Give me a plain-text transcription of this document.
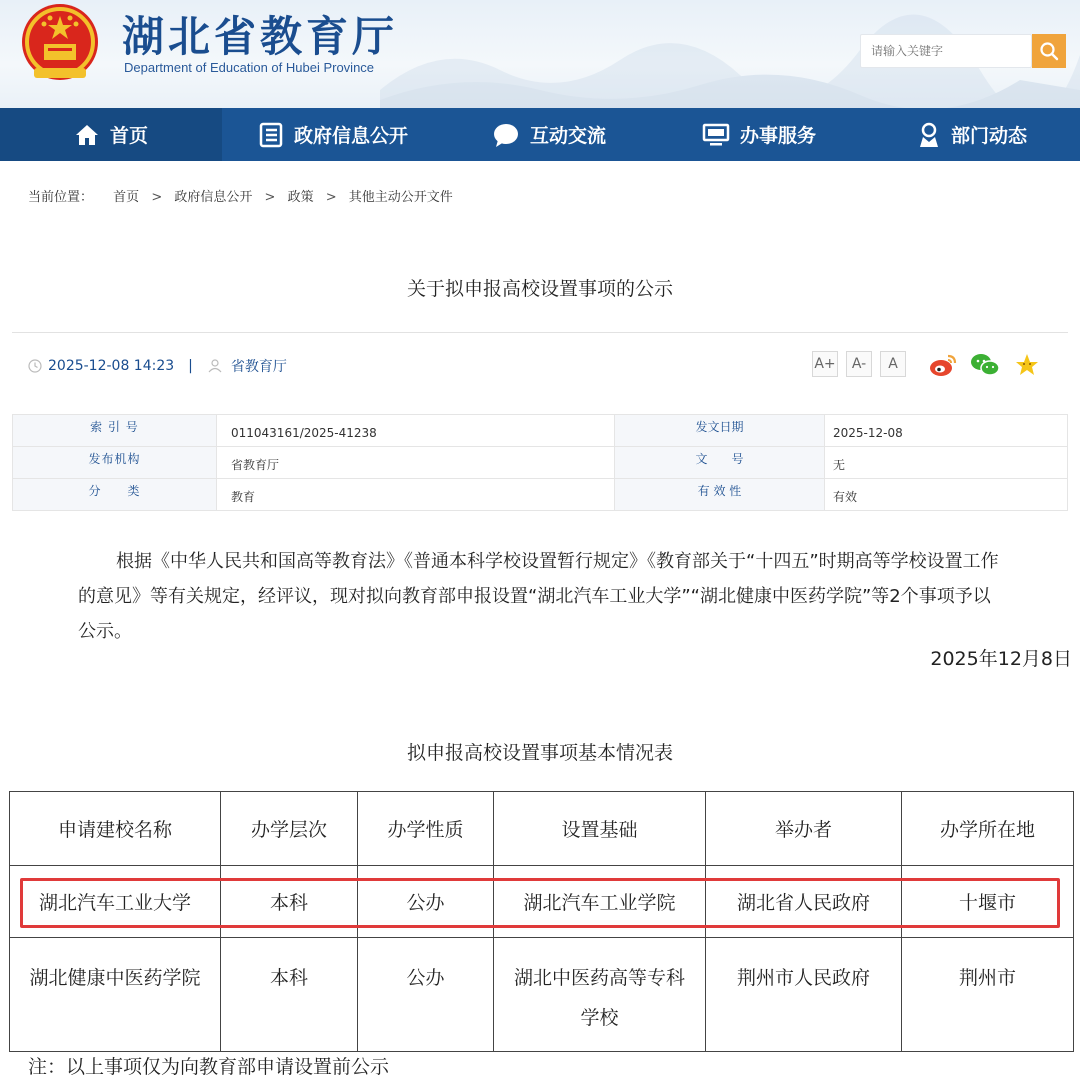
湖北省教育厅
Department of Education of Hubei Province
请输入关键字
首页	政府信息公开	互动交流	办事服务	部门动态
当前位置： 首页 > 政府信息公开 > 政策 > 其他主动公开文件
关于拟申报高校设置事项的公示
2025-12-08 14:23 |	省教育厅	A+	A-	A
索 引 号	011043161/2025-41238	发文日期	2025-12-08
发布机构	省教育厅	文　　号	无
分　　类	教育	有 效 性	有效
根据《中华人民共和国高等教育法》《普通本科学校设置暂行规定》《教育部关于“十四五”时期高等学校设置工作的意见》等有关规定，经评议，现对拟向教育部申报设置“湖北汽车工业大学”“湖北健康中医药学院”等2个事项予以公示。
2025年12月8日
拟申报高校设置事项基本情况表
申请建校名称	办学层次	办学性质	设置基础	举办者	办学所在地
湖北汽车工业大学	本科	公办	湖北汽车工业学院	湖北省人民政府	十堰市
湖北健康中医药学院	本科	公办	湖北中医药高等专科学校	荆州市人民政府	荆州市
注：以上事项仅为向教育部申请设置前公示
